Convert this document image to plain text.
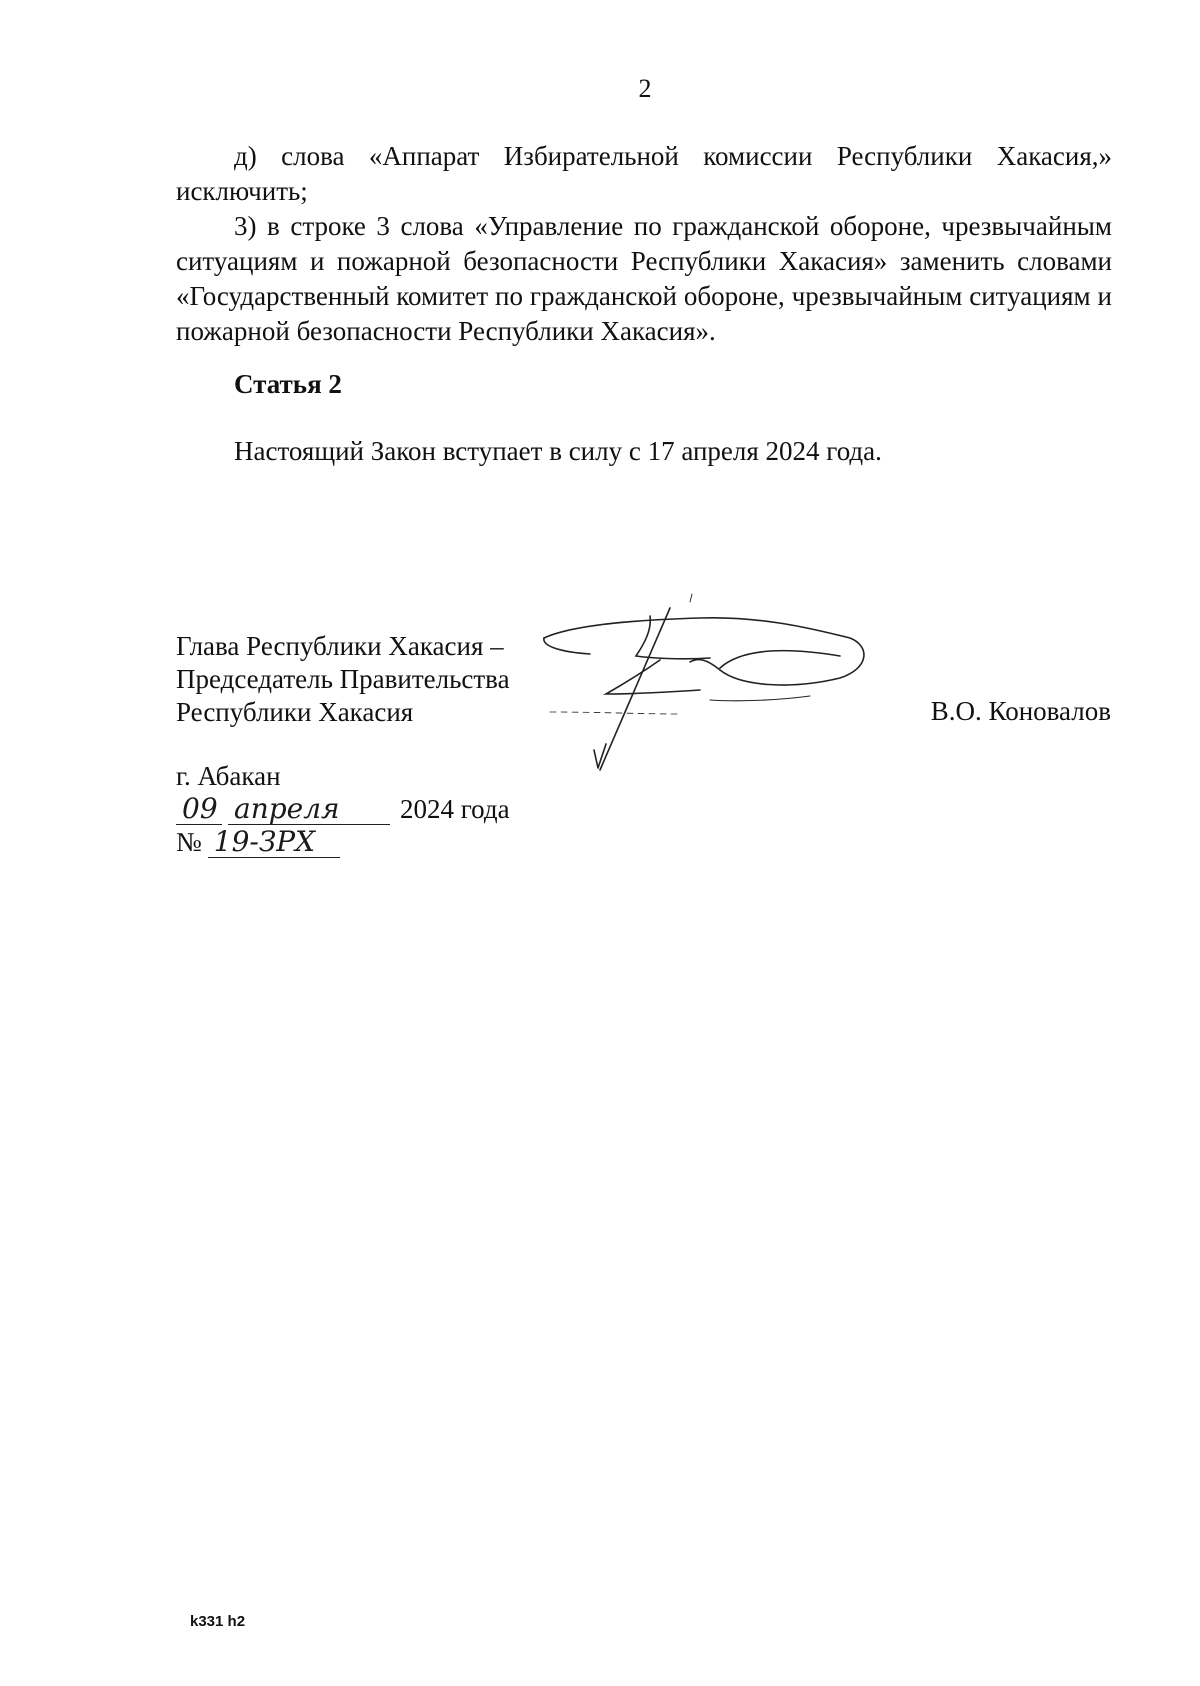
2

д) слова «Аппарат Избирательной комиссии Республики Хакасия,» исключить;

3) в строке 3 слова «Управление по гражданской обороне, чрезвычайным ситуациям и пожарной безопасности Республики Хакасия» заменить словами «Государственный комитет по гражданской обороне, чрезвычайным ситуациям и пожарной безопасности Республики Хакасия».

Статья 2
Настоящий Закон вступает в силу с 17 апреля 2024 года.
Глава Республики Хакасия –
Председатель Правительства
Республики Хакасия	В.О. Коновалов
г. Абакан
09 апреля 2024 года
№ 19-ЗРХ
k331 h2
